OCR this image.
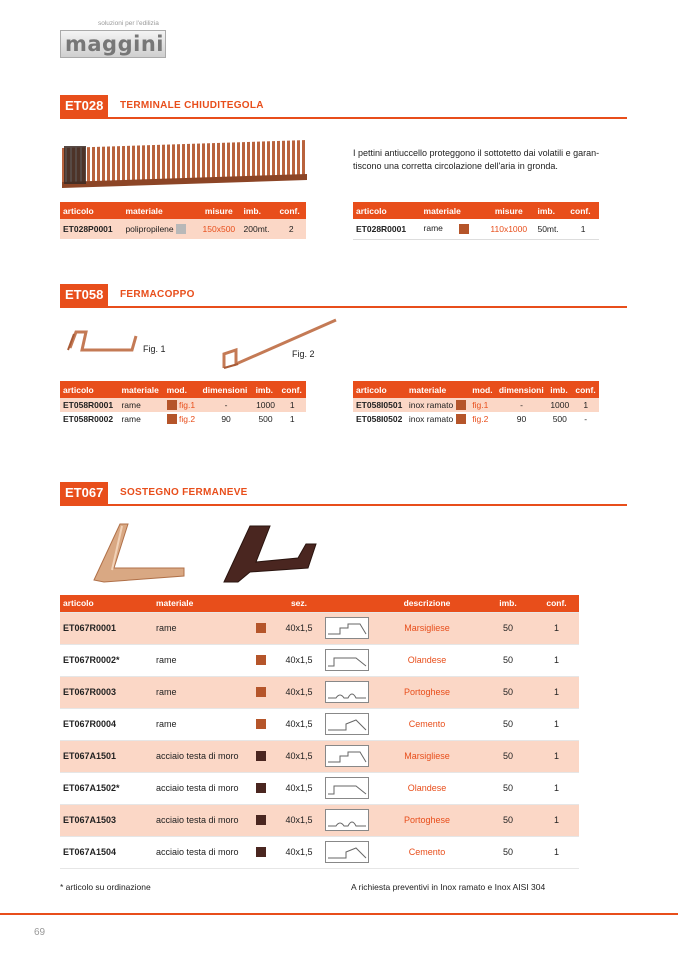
soluzioni per l'edilizia
maggini
ET028	TERMINALE CHIUDITEGOLA
I pettini antiuccello proteggono il sottotetto dai volatili e garan- tiscono una corretta circolazione dell'aria in gronda.
articolo	materiale	misure	imb.	conf.
ET028P0001	polipropilene	150x500	200mt.	2
articolo	materiale	misure	imb.	conf.
ET028R0001	rame	110x1000	50mt.	1
ET058	FERMACOPPO
Fig. 1	Fig. 2
articolo	materiale	mod.	dimensioni	imb.	conf.
ET058R0001	rame	fig.1	-	1000	1
ET058R0002	rame	fig.2	90	500	1
articolo	materiale	mod.	dimensioni	imb.	conf.
ET058I0501	inox ramato	fig.1	-	1000	1
ET058I0502	inox ramato	fig.2	90	500	-
ET067	SOSTEGNO FERMANEVE
articolo	materiale		sez.		descrizione	imb.	conf.
ET067R0001	rame		40x1,5		Marsigliese	50	1
ET067R0002*	rame		40x1,5		Olandese	50	1
ET067R0003	rame		40x1,5		Portoghese	50	1
ET067R0004	rame		40x1,5		Cemento	50	1
ET067A1501	acciaio testa di moro		40x1,5		Marsigliese	50	1
ET067A1502*	acciaio testa di moro		40x1,5		Olandese	50	1
ET067A1503	acciaio testa di moro		40x1,5		Portoghese	50	1
ET067A1504	acciaio testa di moro		40x1,5		Cemento	50	1
* articolo su ordinazione	A richiesta preventivi in Inox ramato e Inox AISI 304
69
